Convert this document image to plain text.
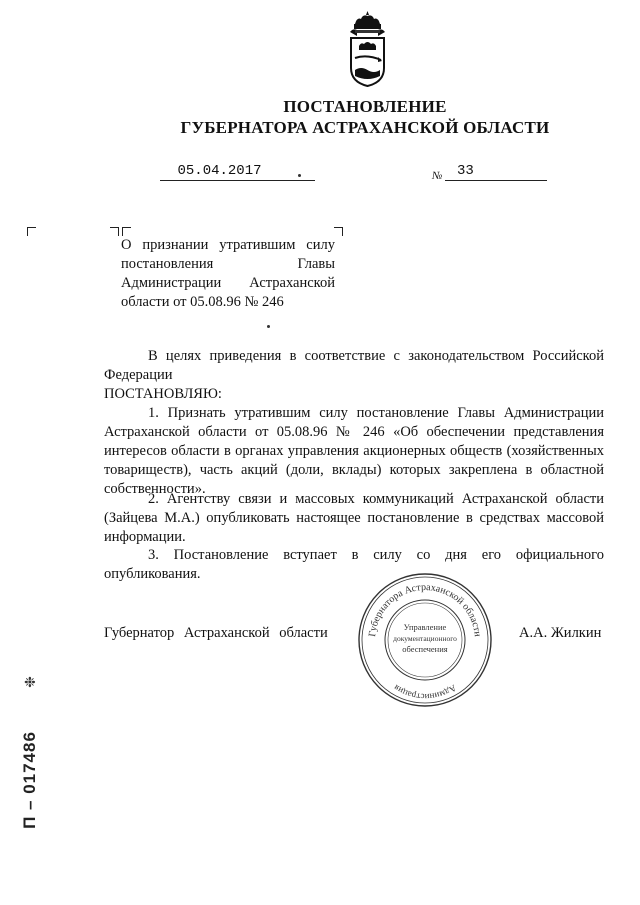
ПОСТАНОВЛЕНИЕ
ГУБЕРНАТОРА АСТРАХАНСКОЙ ОБЛАСТИ
05.04.2017	№	33
О признании утратившим силу постановления Главы Администрации Астраханской области от 05.08.96 № 246
В целях приведения в соответствие с законодательством Российской Федерации
ПОСТАНОВЛЯЮ:
1. Признать утратившим силу постановление Главы Администрации Астраханской области от 05.08.96 № 246 «Об обеспечении представления интересов области в органах управления акционерных обществ (хозяйственных товариществ), часть акций (доли, вклады) которых закреплена в областной собственности».
2. Агентству связи и массовых коммуникаций Астраханской области (Зайцева М.А.) опубликовать настоящее постановление в средствах массовой информации.
3. Постановление вступает в силу со дня его официального опубликования.
Губернатор Астраханской области	А.А. Жилкин
Губернатора Астраханской области
Администрация
Управление
документационного
обеспечения
П – 017486
❉
